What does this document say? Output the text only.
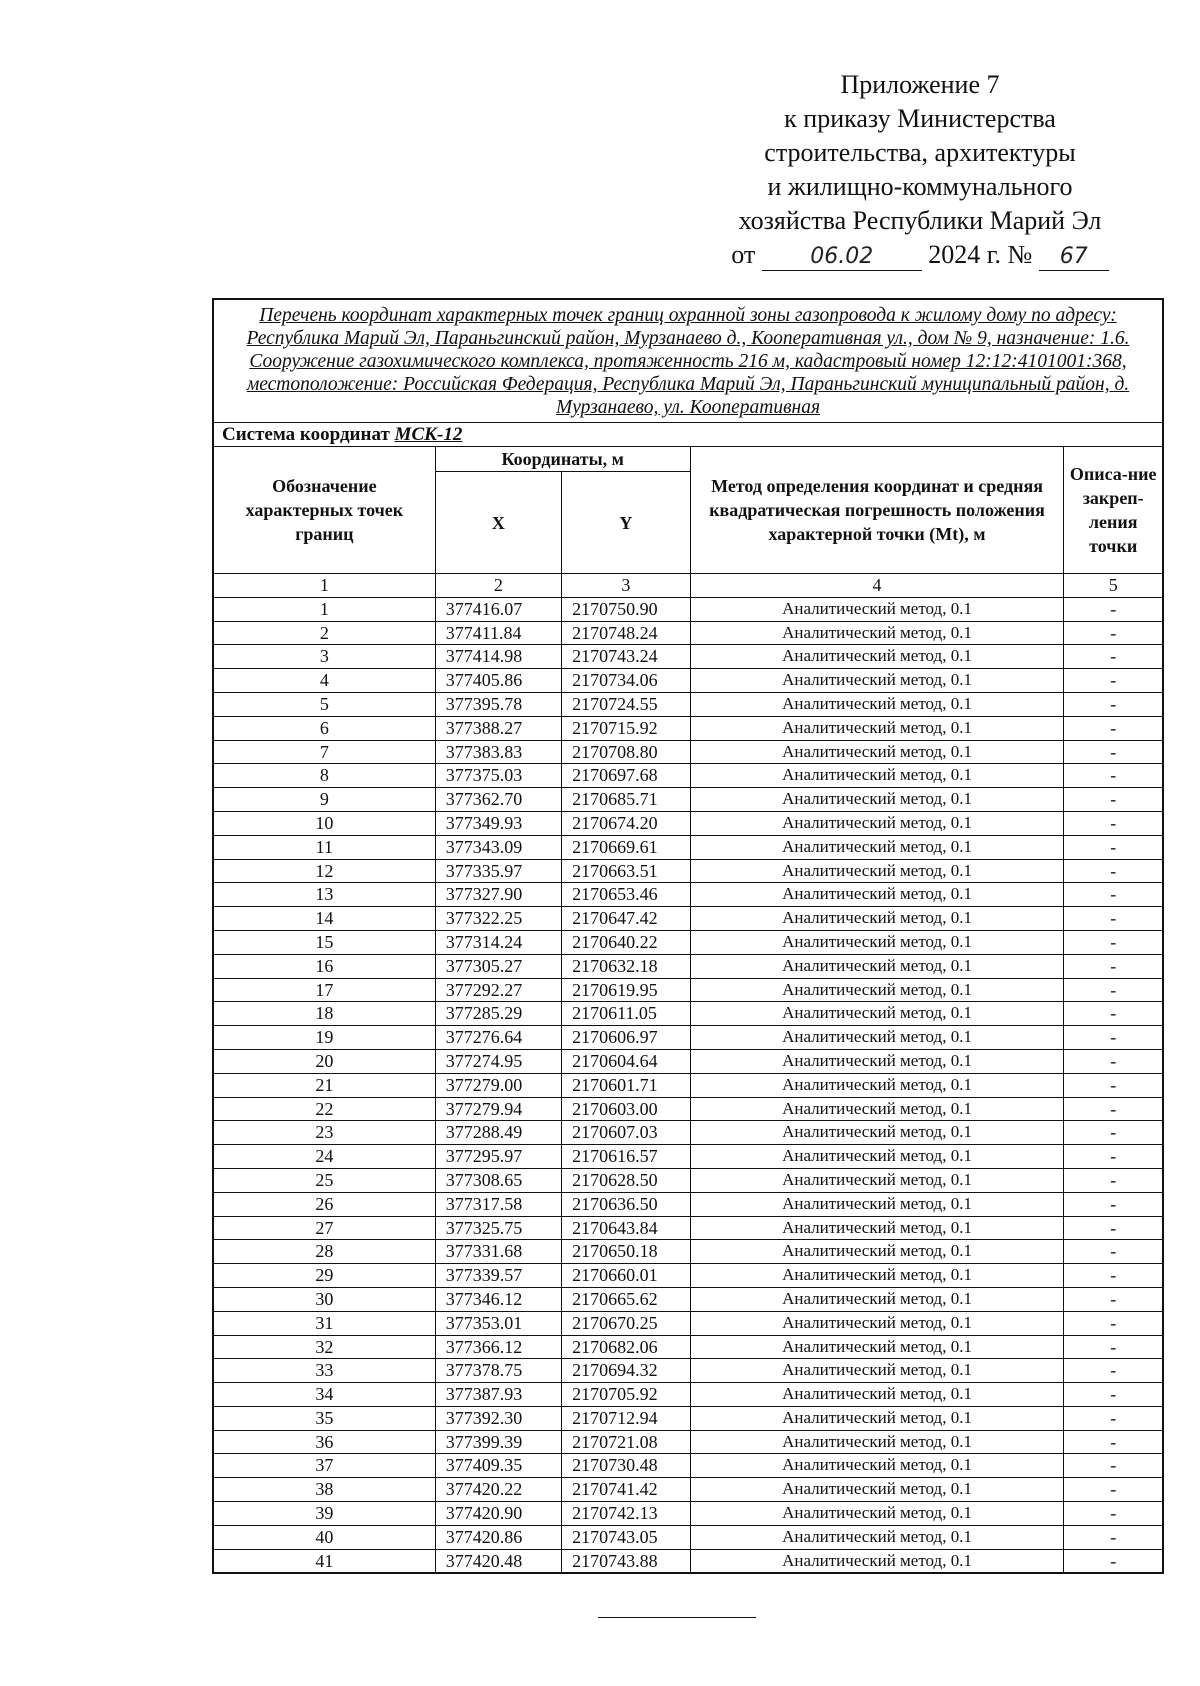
Приложение 7
к приказу Министерства
строительства, архитектуры
и жилищно-коммунального
хозяйства Республики Марий Эл
от	06.02 2024 г. № 67
Перечень координат характерных точек границ охранной зоны газопровода к жилому дому по адресу: Республика Марий Эл, Параньгинский район, Мурзанаево д., Кооперативная ул., дом № 9, назначение: 1.6. Сооружение газохимического комплекса, протяженность 216 м, кадастровый номер 12:12:4101001:368, местоположение: Российская Федерация, Республика Марий Эл, Параньгинский муниципальный район, д. Мурзанаево, ул. Кооперативная
Система координат МСК-12
Обозначение характерных точек границ	Координаты, м		Метод определения координат и средняя квадратическая погрешность положения характерной точки (Mt), м	Описа-ние закреп-ления точки
	X	Y		
1	2	3	4	5
1	377416.07	2170750.90	Аналитический метод, 0.1	-
2	377411.84	2170748.24	Аналитический метод, 0.1	-
3	377414.98	2170743.24	Аналитический метод, 0.1	-
4	377405.86	2170734.06	Аналитический метод, 0.1	-
5	377395.78	2170724.55	Аналитический метод, 0.1	-
6	377388.27	2170715.92	Аналитический метод, 0.1	-
7	377383.83	2170708.80	Аналитический метод, 0.1	-
8	377375.03	2170697.68	Аналитический метод, 0.1	-
9	377362.70	2170685.71	Аналитический метод, 0.1	-
10	377349.93	2170674.20	Аналитический метод, 0.1	-
11	377343.09	2170669.61	Аналитический метод, 0.1	-
12	377335.97	2170663.51	Аналитический метод, 0.1	-
13	377327.90	2170653.46	Аналитический метод, 0.1	-
14	377322.25	2170647.42	Аналитический метод, 0.1	-
15	377314.24	2170640.22	Аналитический метод, 0.1	-
16	377305.27	2170632.18	Аналитический метод, 0.1	-
17	377292.27	2170619.95	Аналитический метод, 0.1	-
18	377285.29	2170611.05	Аналитический метод, 0.1	-
19	377276.64	2170606.97	Аналитический метод, 0.1	-
20	377274.95	2170604.64	Аналитический метод, 0.1	-
21	377279.00	2170601.71	Аналитический метод, 0.1	-
22	377279.94	2170603.00	Аналитический метод, 0.1	-
23	377288.49	2170607.03	Аналитический метод, 0.1	-
24	377295.97	2170616.57	Аналитический метод, 0.1	-
25	377308.65	2170628.50	Аналитический метод, 0.1	-
26	377317.58	2170636.50	Аналитический метод, 0.1	-
27	377325.75	2170643.84	Аналитический метод, 0.1	-
28	377331.68	2170650.18	Аналитический метод, 0.1	-
29	377339.57	2170660.01	Аналитический метод, 0.1	-
30	377346.12	2170665.62	Аналитический метод, 0.1	-
31	377353.01	2170670.25	Аналитический метод, 0.1	-
32	377366.12	2170682.06	Аналитический метод, 0.1	-
33	377378.75	2170694.32	Аналитический метод, 0.1	-
34	377387.93	2170705.92	Аналитический метод, 0.1	-
35	377392.30	2170712.94	Аналитический метод, 0.1	-
36	377399.39	2170721.08	Аналитический метод, 0.1	-
37	377409.35	2170730.48	Аналитический метод, 0.1	-
38	377420.22	2170741.42	Аналитический метод, 0.1	-
39	377420.90	2170742.13	Аналитический метод, 0.1	-
40	377420.86	2170743.05	Аналитический метод, 0.1	-
41	377420.48	2170743.88	Аналитический метод, 0.1	-
